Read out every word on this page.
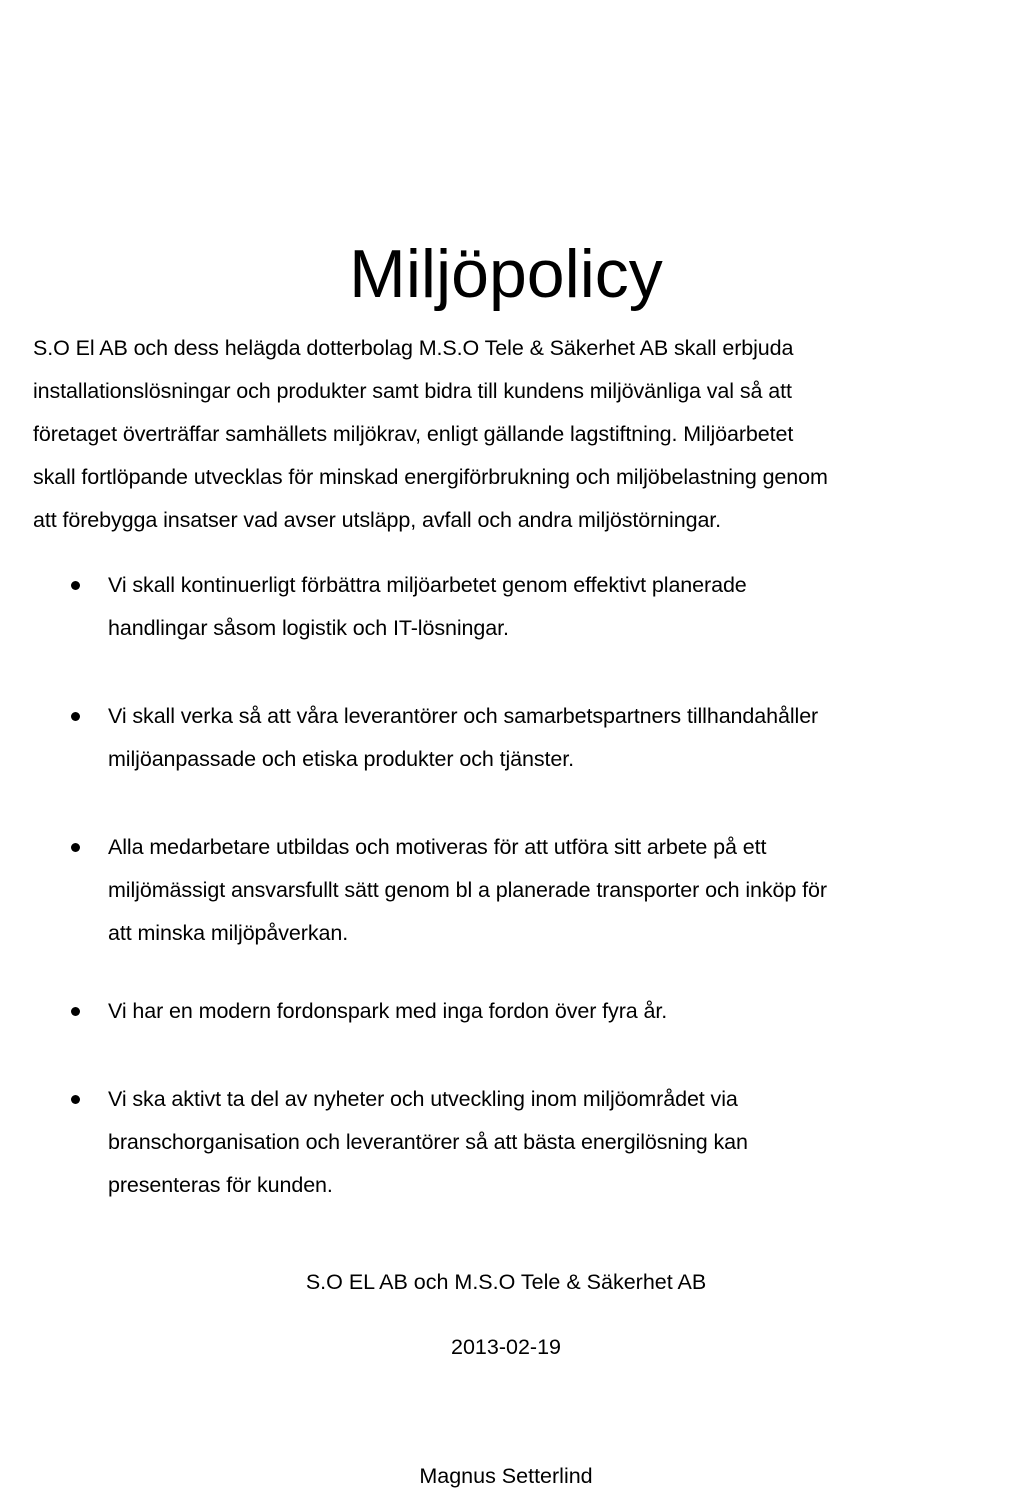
Miljöpolicy

S.O El AB och dess helägda dotterbolag M.S.O Tele & Säkerhet AB skall erbjuda
installationslösningar och produkter samt bidra till kundens miljövänliga val så att
företaget överträffar samhällets miljökrav, enligt gällande lagstiftning. Miljöarbetet
skall fortlöpande utvecklas för minskad energiförbrukning och miljöbelastning genom
att förebygga insatser vad avser utsläpp, avfall och andra miljöstörningar.

Vi skall kontinuerligt förbättra miljöarbetet genom effektivt planerade
handlingar såsom logistik och IT-lösningar.
Vi skall verka så att våra leverantörer och samarbetspartners tillhandahåller
miljöanpassade och etiska produkter och tjänster.
Alla medarbetare utbildas och motiveras för att utföra sitt arbete på ett
miljömässigt ansvarsfullt sätt genom bl a planerade transporter och inköp för
att minska miljöpåverkan.
Vi har en modern fordonspark med inga fordon över fyra år.
Vi ska aktivt ta del av nyheter och utveckling inom miljöområdet via
branschorganisation och leverantörer så att bästa energilösning kan
presenteras för kunden.
S.O EL AB och M.S.O Tele & Säkerhet AB
2013-02-19
Magnus Setterlind
